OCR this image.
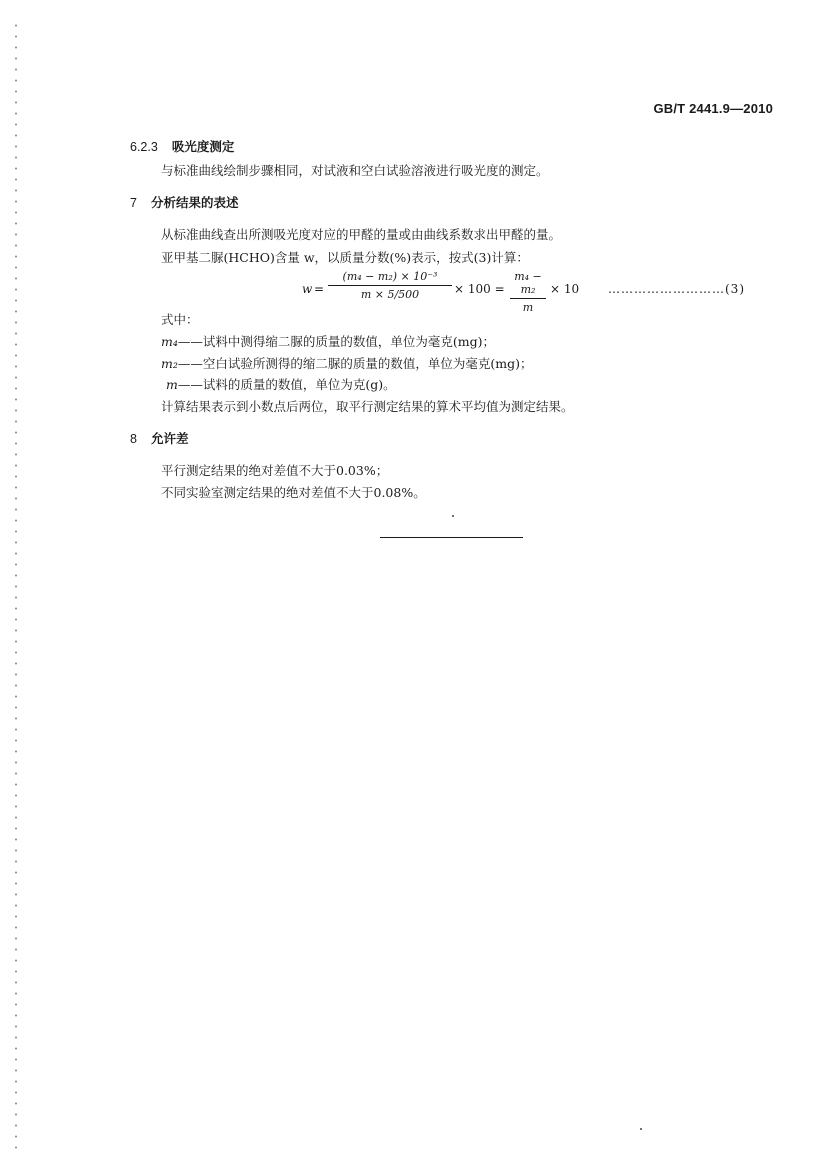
GB/T 2441.9—2010
6.2.3 吸光度测定
与标准曲线绘制步骤相同，对试液和空白试验溶液进行吸光度的测定。
7 分析结果的表述
从标准曲线查出所测吸光度对应的甲醛的量或由曲线系数求出甲醛的量。
亚甲基二脲(HCHO)含量 w，以质量分数(%)表示，按式(3)计算：
w =
(m₄ − m₂) × 10⁻³
m × 5/500	× 100 =
m₄ − m₂
m
× 10 ………………………(3)
式中：
m₄——试料中测得缩二脲的质量的数值，单位为毫克(mg)；
m₂——空白试验所测得的缩二脲的质量的数值，单位为毫克(mg)；
m——试料的质量的数值，单位为克(g)。
计算结果表示到小数点后两位，取平行测定结果的算术平均值为测定结果。
8 允许差
平行测定结果的绝对差值不大于0.03%；
不同实验室测定结果的绝对差值不大于0.08%。
